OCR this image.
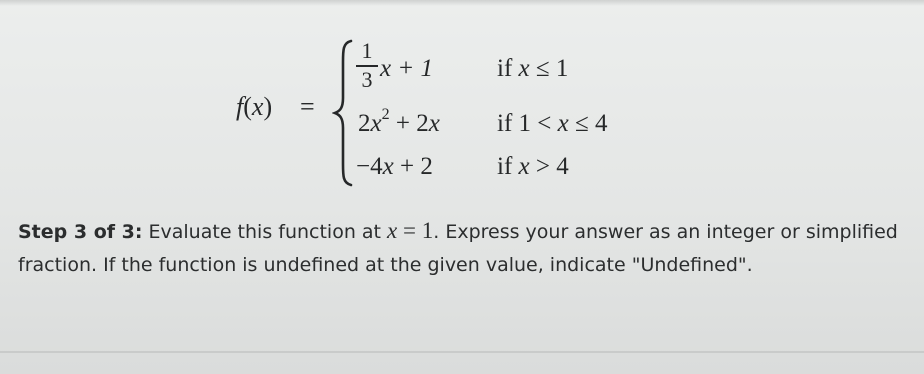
f(x) =
1
3 x + 1	if x ≤ 1
$2x^2 + 2x$ if 1 < x ≤ 4
−4x + 2	if x > 4
Step 3 of 3: Evaluate this function at x = 1. Express your answer as an integer or simplified fraction. If the function is undefined at the given value, indicate "Undefined".
